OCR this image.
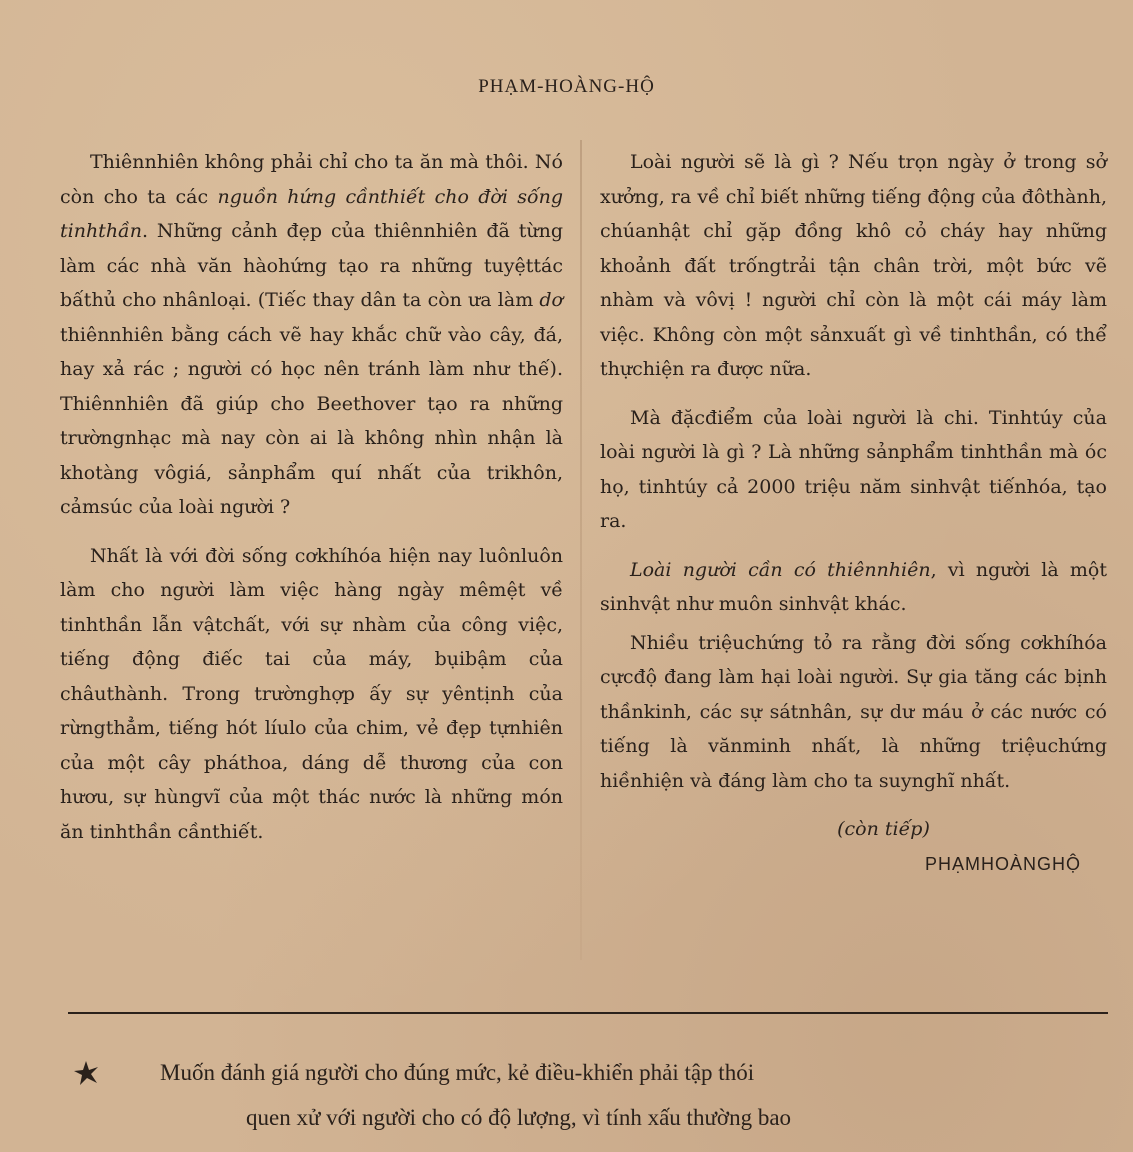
PHẠM-HOÀNG-HỘ

Thiênnhiên không phải chỉ cho ta ăn mà thôi. Nó còn cho ta các nguồn hứng cầnthiết cho đời sống tinhthần. Những cảnh đẹp của thiênnhiên đã từng làm các nhà văn hàohứng tạo ra những tuyệttác bấthủ cho nhânloại. (Tiếc thay dân ta còn ưa làm dơ thiênnhiên bằng cách vẽ hay khắc chữ vào cây, đá, hay xả rác ; người có học nên tránh làm như thế). Thiênnhiên đã giúp cho Beethover tạo ra những trườngnhạc mà nay còn ai là không nhìn nhận là khotàng vôgiá, sảnphẩm quí nhất của trikhôn, cảmsúc của loài người ?

Nhất là với đời sống cơkhíhóa hiện nay luônluôn làm cho người làm việc hàng ngày mêmệt về tinhthần lẫn vậtchất, với sự nhàm của công việc, tiếng động điếc tai của máy, bụibậm của châuthành. Trong trườnghợp ấy sự yêntịnh của rừngthẳm, tiếng hót líulo của chim, vẻ đẹp tựnhiên của một cây pháthoa, dáng dễ thương của con hươu, sự hùngvĩ của một thác nước là những món ăn tinhthần cầnthiết.

Loài người sẽ là gì ? Nếu trọn ngày ở trong sở xưởng, ra về chỉ biết những tiếng động của đôthành, chúanhật chỉ gặp đồng khô cỏ cháy hay những khoảnh đất trốngtrải tận chân trời, một bức vẽ nhàm và vôvị ! người chỉ còn là một cái máy làm việc. Không còn một sảnxuất gì về tinhthần, có thể thựchiện ra được nữa.

Mà đặcđiểm của loài người là chi. Tinhtúy của loài người là gì ? Là những sảnphẩm tinhthần mà óc họ, tinhtúy cả 2000 triệu năm sinhvật tiếnhóa, tạo ra.

Loài người cần có thiênnhiên, vì người là một sinhvật như muôn sinhvật khác.

Nhiều triệuchứng tỏ ra rằng đời sống cơkhíhóa cựcđộ đang làm hại loài người. Sự gia tăng các bịnh thầnkinh, các sự sátnhân, sự dư máu ở các nước có tiếng là vănminh nhất, là những triệuchứng hiềnhiện và đáng làm cho ta suynghĩ nhất.

(còn tiếp)
PHẠMHOÀNGHỘ
Muốn đánh giá người cho đúng mức, kẻ điều-khiển phải tập thói
quen xử với người cho có độ lượng, vì tính xấu thường bao
